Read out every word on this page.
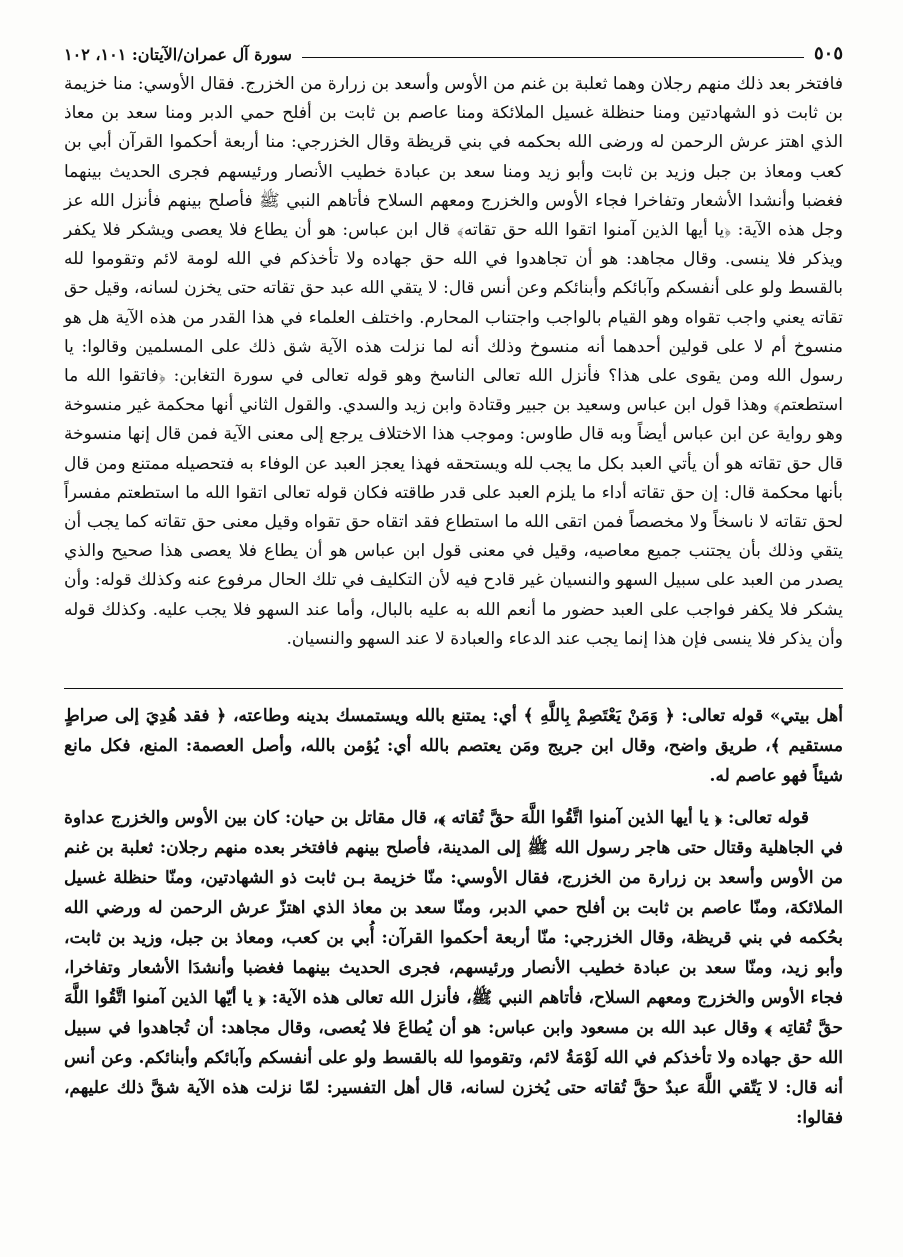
سورة آل عمران/الآيتان: ١٠١، ١٠٢	٥٠٥

فافتخر بعد ذلك منهم رجلان وهما ثعلبة بن غنم من الأوس وأسعد بن زرارة من الخزرج. فقال الأوسي: منا خزيمة بن ثابت ذو الشهادتين ومنا حنظلة غسيل الملائكة ومنا عاصم بن ثابت بن أفلح حمي الدبر ومنا سعد بن معاذ الذي اهتز عرش الرحمن له ورضى الله بحكمه في بني قريظة وقال الخزرجي: منا أربعة أحكموا القرآن أبي بن كعب ومعاذ بن جبل وزيد بن ثابت وأبو زيد ومنا سعد بن عبادة خطيب الأنصار ورئيسهم فجرى الحديث بينهما فغضبا وأنشدا الأشعار وتفاخرا فجاء الأوس والخزرج ومعهم السلاح فأتاهم النبي ﷺ فأصلح بينهم فأنزل الله عز وجل هذه الآية: ﴿يا أيها الذين آمنوا اتقوا الله حق تقاته﴾ قال ابن عباس: هو أن يطاع فلا يعصى ويشكر فلا يكفر ويذكر فلا ينسى. وقال مجاهد: هو أن تجاهدوا في الله حق جهاده ولا تأخذكم في الله لومة لائم وتقوموا لله بالقسط ولو على أنفسكم وآبائكم وأبنائكم وعن أنس قال: لا يتقي الله عبد حق تقاته حتى يخزن لسانه، وقيل حق تقاته يعني واجب تقواه وهو القيام بالواجب واجتناب المحارم. واختلف العلماء في هذا القدر من هذه الآية هل هو منسوخ أم لا على قولين أحدهما أنه منسوخ وذلك أنه لما نزلت هذه الآية شق ذلك على المسلمين وقالوا: يا رسول الله ومن يقوى على هذا؟ فأنزل الله تعالى الناسخ وهو قوله تعالى في سورة التغابن: ﴿فاتقوا الله ما استطعتم﴾ وهذا قول ابن عباس وسعيد بن جبير وقتادة وابن زيد والسدي. والقول الثاني أنها محكمة غير منسوخة وهو رواية عن ابن عباس أيضاً وبه قال طاوس: وموجب هذا الاختلاف يرجع إلى معنى الآية فمن قال إنها منسوخة قال حق تقاته هو أن يأتي العبد بكل ما يجب لله ويستحقه فهذا يعجز العبد عن الوفاء به فتحصيله ممتنع ومن قال بأنها محكمة قال: إن حق تقاته أداء ما يلزم العبد على قدر طاقته فكان قوله تعالى اتقوا الله ما استطعتم مفسراً لحق تقاته لا ناسخاً ولا مخصصاً فمن اتقى الله ما استطاع فقد اتقاه حق تقواه وقيل معنى حق تقاته كما يجب أن يتقي وذلك بأن يجتنب جميع معاصيه، وقيل في معنى قول ابن عباس هو أن يطاع فلا يعصى هذا صحيح والذي يصدر من العبد على سبيل السهو والنسيان غير قادح فيه لأن التكليف في تلك الحال مرفوع عنه وكذلك قوله: وأن يشكر فلا يكفر فواجب على العبد حضور ما أنعم الله به عليه بالبال، وأما عند السهو فلا يجب عليه. وكذلك قوله وأن يذكر فلا ينسى فإن هذا إنما يجب عند الدعاء والعبادة لا عند السهو والنسيان.

أهل بيتي» قوله تعالى: ﴿ وَمَنْ يَعْتَصِمْ بِاللَّهِ ﴾ أي: يمتنع بالله ويستمسك بدينه وطاعته، ﴿ فقد هُدِيَ إلى صراطٍ مستقيم ﴾، طريق واضح، وقال ابن جريج ومَن يعتصم بالله أي: يُؤمن بالله، وأصل العصمة: المنع، فكل مانع شيئاً فهو عاصم له.

قوله تعالى: ﴿ يا أيها الذين آمنوا اتَّقُوا اللَّهَ حقَّ تُقاته ﴾، قال مقاتل بن حيان: كان بين الأوس والخزرج عداوة في الجاهلية وقتال حتى هاجر رسول الله ﷺ إلى المدينة، فأصلح بينهم فافتخر بعده منهم رجلان: ثعلبة بن غنم من الأوس وأسعد بن زرارة من الخزرج، فقال الأوسي: منّا خزيمة بـن ثابت ذو الشهادتين، ومنّا حنظلة غسيل الملائكة، ومنّا عاصم بن ثابت بن أفلح حمي الدبر، ومنّا سعد بن معاذ الذي اهتزّ عرش الرحمن له ورضي الله بحُكمه في بني قريظة، وقال الخزرجي: منّا أربعة أحكموا القرآن: أُبي بن كعب، ومعاذ بن جبل، وزيد بن ثابت، وأبو زيد، ومنّا سعد بن عبادة خطيب الأنصار ورئيسهم، فجرى الحديث بينهما فغضبا وأنشدَا الأشعار وتفاخرا، فجاء الأوس والخزرج ومعهم السلاح، فأتاهم النبي ﷺ، فأنزل الله تعالى هذه الآية: ﴿ يا أيّها الذين آمنوا اتَّقُوا اللَّهَ حقَّ تُقاتِه ﴾ وقال عبد الله بن مسعود وابن عباس: هو أن يُطاعَ فلا يُعصى، وقال مجاهد: أن تُجاهدوا في سبيل الله حق جهاده ولا تأخذكم في الله لَوْمَةُ لائم، وتقوموا لله بالقسط ولو على أنفسكم وآبائكم وأبنائكم. وعن أنس أنه قال: لا يَتّقي اللَّهَ عبدٌ حقَّ تُقاته حتى يُخزن لسانه، قال أهل التفسير: لمّا نزلت هذه الآية شقَّ ذلك عليهم، فقالوا:
